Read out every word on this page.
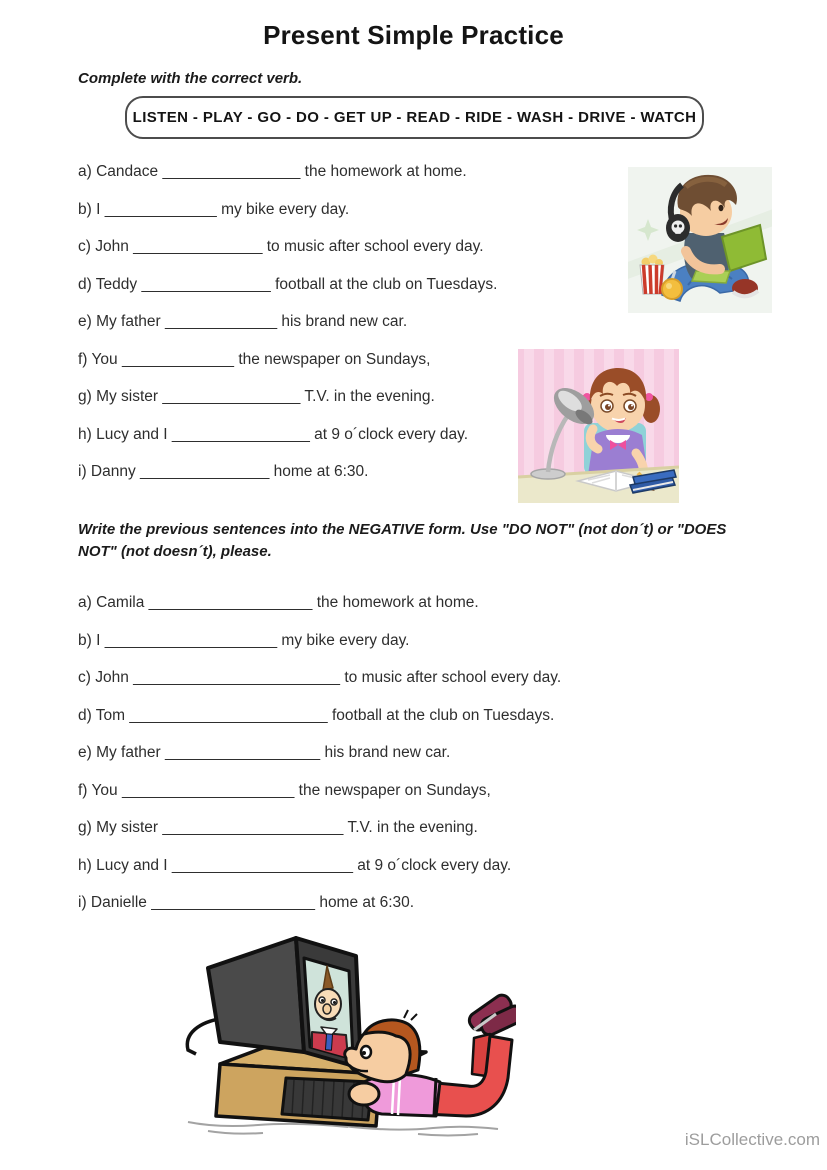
Present Simple Practice
Complete with the correct verb.
LISTEN - PLAY - GO - DO - GET UP - READ - RIDE - WASH - DRIVE - WATCH
a) Candace ________________ the homework at home.
b) I _____________ my bike every day.
c) John _______________ to music after school every day.
d) Teddy _______________ football at the club on Tuesdays.
e) My father _____________ his brand new car.
f) You _____________ the newspaper on Sundays,
g) My sister ________________ T.V. in the evening.
h) Lucy and I ________________ at 9 o´clock every day.
i) Danny _______________ home at 6:30.
Write the previous sentences into the NEGATIVE form. Use "DO NOT" (not don´t) or "DOES NOT" (not doesn´t), please.
a) Camila ___________________ the homework at home.
b) I ____________________ my bike every day.
c) John ________________________ to music after school every day.
d) Tom _______________________ football at the club on Tuesdays.
e) My father __________________ his brand new car.
f) You ____________________ the newspaper on Sundays,
g) My sister _____________________ T.V. in the evening.
h) Lucy and I _____________________ at 9 o´clock every day.
i) Danielle ___________________ home at 6:30.
iSLCollective.com
